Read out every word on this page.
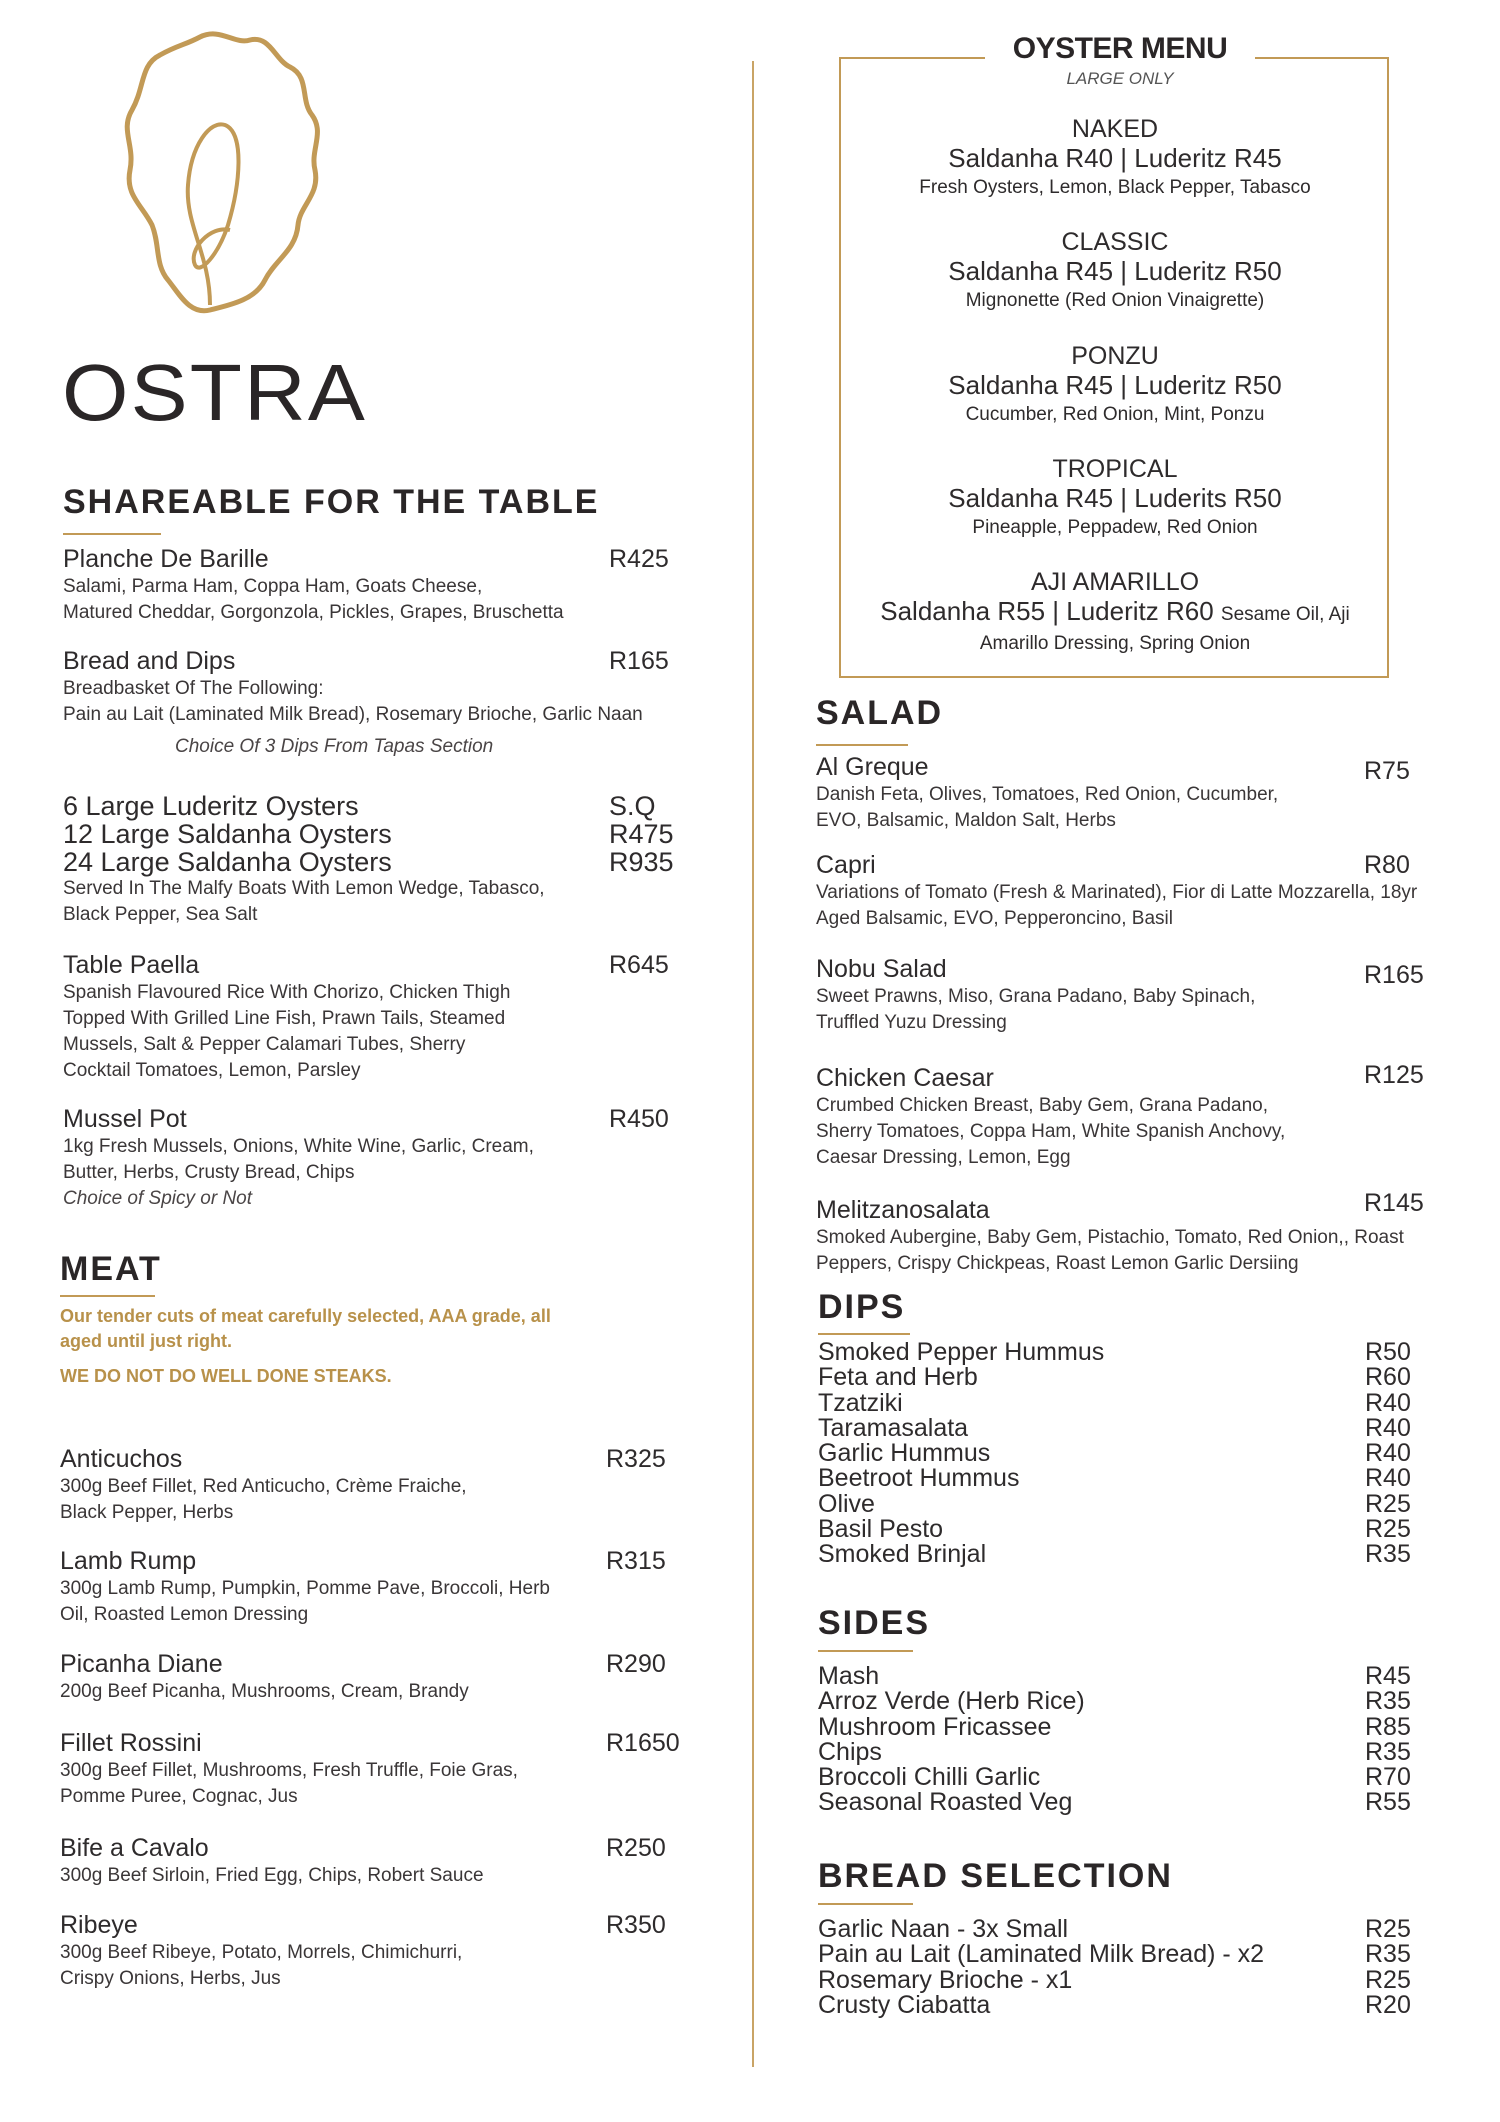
OSTRA
OYSTER MENU
LARGE ONLY
NAKED
Saldanha R40 | Luderitz R45
Fresh Oysters, Lemon, Black Pepper, Tabasco
CLASSIC
Saldanha R45 | Luderitz R50
Mignonette (Red Onion Vinaigrette)
PONZU
Saldanha R45 | Luderitz R50
Cucumber, Red Onion, Mint, Ponzu
TROPICAL
Saldanha R45 | Luderits R50
Pineapple, Peppadew, Red Onion
AJI AMARILLO
Saldanha R55 | Luderitz R60 Sesame Oil, Aji
Amarillo Dressing, Spring Onion
SHAREABLE FOR THE TABLE
Planche De Barille
Salami, Parma Ham, Coppa Ham, Goats Cheese,
Matured Cheddar, Gorgonzola, Pickles, Grapes, Bruschetta
R425
Bread and Dips
Breadbasket Of The Following:
Pain au Lait (Laminated Milk Bread), Rosemary Brioche, Garlic Naan
R165
Choice Of 3 Dips From Tapas Section
S.Q
R475
R935
6 Large Luderitz Oysters
12 Large Saldanha Oysters
24 Large Saldanha Oysters
Served In The Malfy Boats With Lemon Wedge, Tabasco,
Black Pepper, Sea Salt
Table Paella
Spanish Flavoured Rice With Chorizo, Chicken Thigh
Topped With Grilled Line Fish, Prawn Tails, Steamed
Mussels, Salt & Pepper Calamari Tubes, Sherry
Cocktail Tomatoes, Lemon, Parsley
R645
Mussel Pot
1kg Fresh Mussels, Onions, White Wine, Garlic, Cream,
Butter, Herbs, Crusty Bread, Chips
Choice of Spicy or Not
R450
MEAT
Our tender cuts of meat carefully selected, AAA grade, all
aged until just right.
WE DO NOT DO WELL DONE STEAKS.
Anticuchos
300g Beef Fillet, Red Anticucho, Crème Fraiche,
Black Pepper, Herbs
R325
Lamb Rump
300g Lamb Rump, Pumpkin, Pomme Pave, Broccoli, Herb
Oil, Roasted Lemon Dressing
R315
Picanha Diane
200g Beef Picanha, Mushrooms, Cream, Brandy
R290
Fillet Rossini
300g Beef Fillet, Mushrooms, Fresh Truffle, Foie Gras,
Pomme Puree, Cognac, Jus
R1650
Bife a Cavalo
300g Beef Sirloin, Fried Egg, Chips, Robert Sauce
R250
Ribeye
300g Beef Ribeye, Potato, Morrels, Chimichurri,
Crispy Onions, Herbs, Jus
R350
SALAD
Al Greque
Danish Feta, Olives, Tomatoes, Red Onion, Cucumber,
EVO, Balsamic, Maldon Salt, Herbs
R75
Capri
Variations of Tomato (Fresh & Marinated), Fior di Latte Mozzarella, 18yr
Aged Balsamic, EVO, Pepperoncino, Basil
R80
Nobu Salad
Sweet Prawns, Miso, Grana Padano, Baby Spinach,
Truffled Yuzu Dressing
R165
Chicken Caesar
Crumbed Chicken Breast, Baby Gem, Grana Padano,
Sherry Tomatoes, Coppa Ham, White Spanish Anchovy,
Caesar Dressing, Lemon, Egg
R125
Melitzanosalata
Smoked Aubergine, Baby Gem, Pistachio, Tomato, Red Onion,, Roast
Peppers, Crispy Chickpeas, Roast Lemon Garlic Dersiing
R145
DIPS
Smoked Pepper Hummus
Feta and Herb
Tzatziki
Taramasalata
Garlic Hummus
Beetroot Hummus
Olive
Basil Pesto
Smoked Brinjal
R50
R60
R40
R40
R40
R40
R25
R25
R35
SIDES
Mash
Arroz Verde (Herb Rice)
Mushroom Fricassee
Chips
Broccoli Chilli Garlic
Seasonal Roasted Veg
R45
R35
R85
R35
R70
R55
BREAD SELECTION
Garlic Naan - 3x Small
Pain au Lait (Laminated Milk Bread) - x2
Rosemary Brioche - x1
Crusty Ciabatta
R25
R35
R25
R20
